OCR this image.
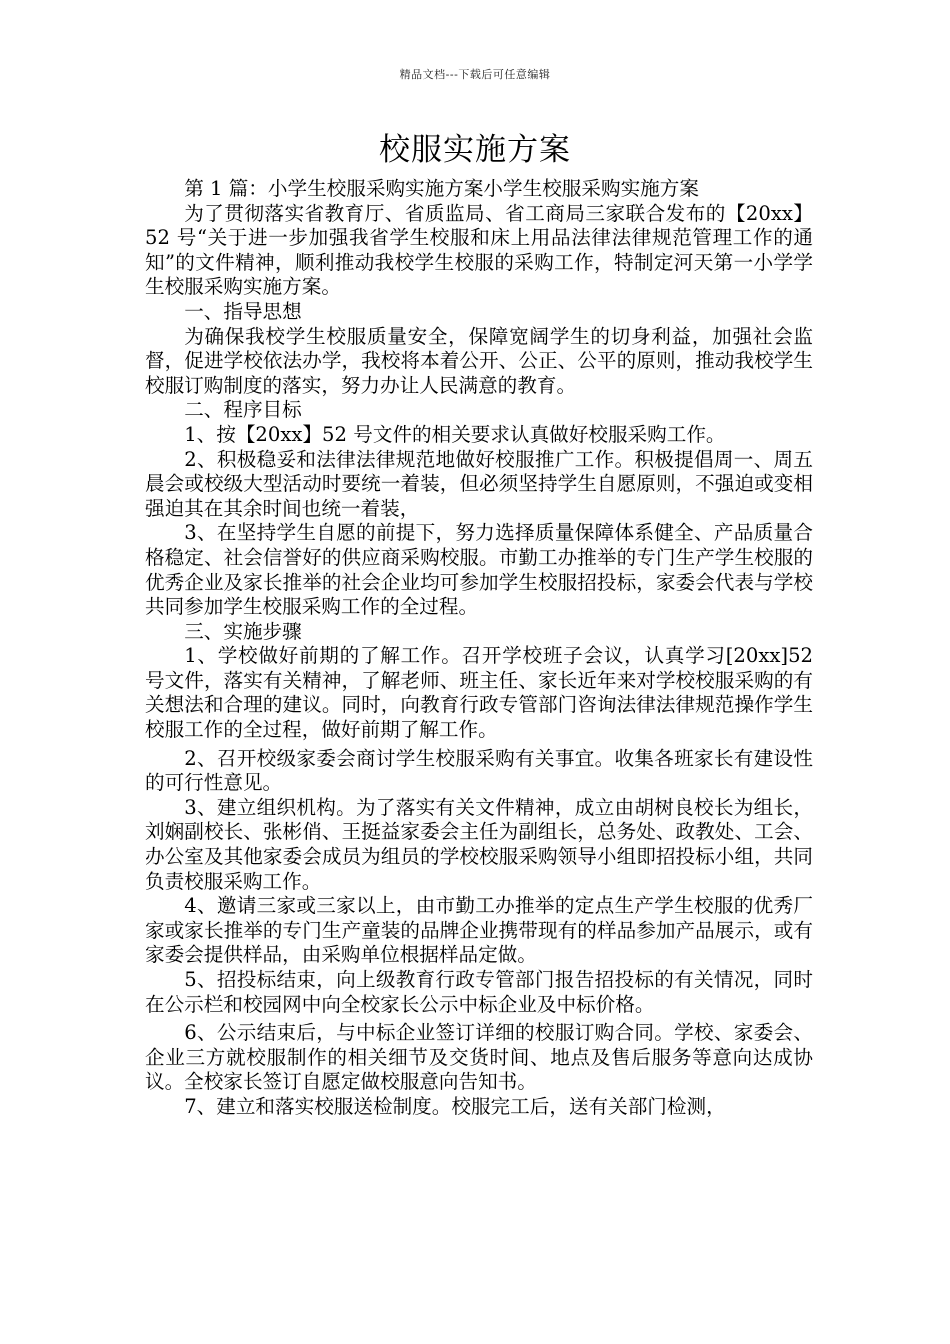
精品文档---下载后可任意编辑
校服实施方案

第 1 篇：小学生校服采购实施方案小学生校服采购实施方案

为了贯彻落实省教育厅、省质监局、省工商局三家联合发布的【20xx】52 号“关于进一步加强我省学生校服和床上用品法律法律规范管理工作的通知”的文件精神，顺利推动我校学生校服的采购工作，特制定河天第一小学学生校服采购实施方案。

一、指导思想

为确保我校学生校服质量安全，保障宽阔学生的切身利益，加强社会监督，促进学校依法办学，我校将本着公开、公正、公平的原则，推动我校学生校服订购制度的落实，努力办让人民满意的教育。

二、程序目标

1、按【20xx】52 号文件的相关要求认真做好校服采购工作。

2、积极稳妥和法律法律规范地做好校服推广工作。积极提倡周一、周五晨会或校级大型活动时要统一着装，但必须坚持学生自愿原则，不强迫或变相强迫其在其余时间也统一着装，

3、在坚持学生自愿的前提下，努力选择质量保障体系健全、产品质量合格稳定、社会信誉好的供应商采购校服。市勤工办推举的专门生产学生校服的优秀企业及家长推举的社会企业均可参加学生校服招投标，家委会代表与学校共同参加学生校服采购工作的全过程。

三、实施步骤

1、学校做好前期的了解工作。召开学校班子会议，认真学习[20xx]52 号文件，落实有关精神，了解老师、班主任、家长近年来对学校校服采购的有关想法和合理的建议。同时，向教育行政专管部门咨询法律法律规范操作学生校服工作的全过程，做好前期了解工作。

2、召开校级家委会商讨学生校服采购有关事宜。收集各班家长有建设性的可行性意见。

3、建立组织机构。为了落实有关文件精神，成立由胡树良校长为组长，刘娴副校长、张彬俏、王挺益家委会主任为副组长，总务处、政教处、工会、办公室及其他家委会成员为组员的学校校服采购领导小组即招投标小组，共同负责校服采购工作。

4、邀请三家或三家以上，由市勤工办推举的定点生产学生校服的优秀厂家或家长推举的专门生产童装的品牌企业携带现有的样品参加产品展示，或有家委会提供样品，由采购单位根据样品定做。

5、招投标结束，向上级教育行政专管部门报告招投标的有关情况，同时在公示栏和校园网中向全校家长公示中标企业及中标价格。

6、公示结束后，与中标企业签订详细的校服订购合同。学校、家委会、企业三方就校服制作的相关细节及交货时间、地点及售后服务等意向达成协议。全校家长签订自愿定做校服意向告知书。

7、建立和落实校服送检制度。校服完工后，送有关部门检测，
